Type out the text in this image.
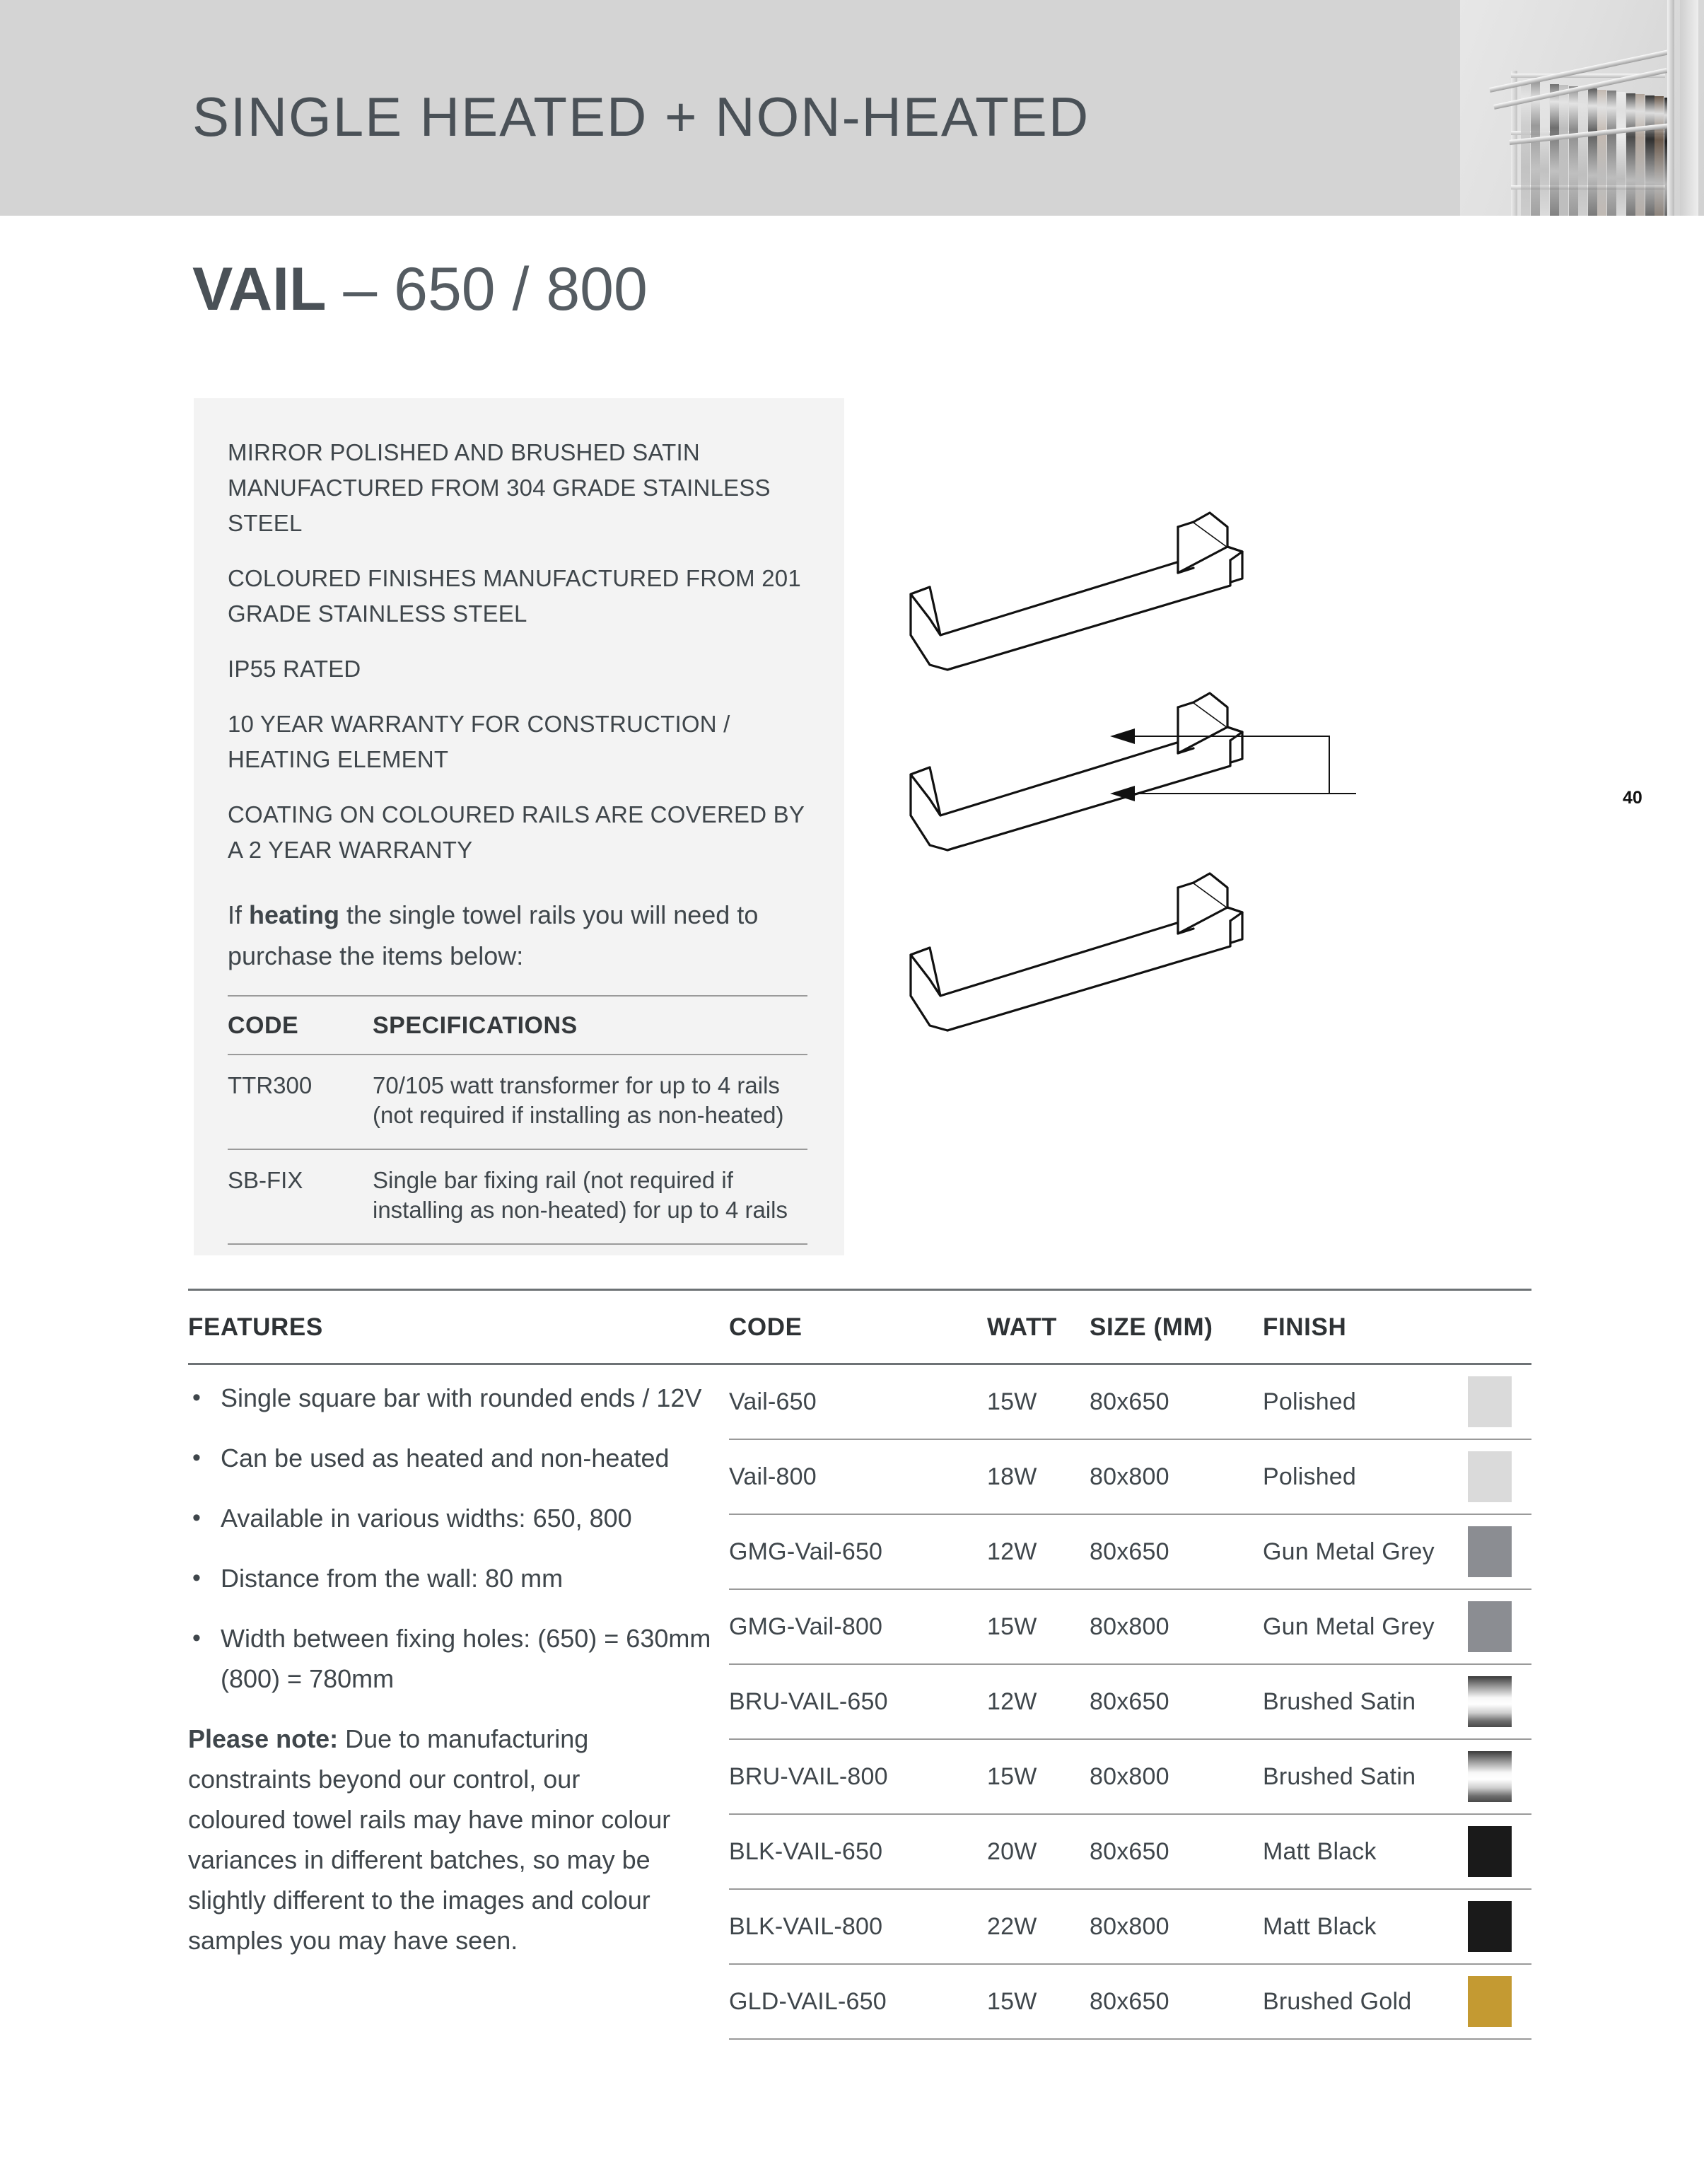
SINGLE HEATED + NON-HEATED
VAIL – 650 / 800
MIRROR POLISHED AND BRUSHED SATIN MANUFACTURED FROM 304 GRADE STAINLESS STEEL
COLOURED FINISHES MANUFACTURED FROM 201 GRADE STAINLESS STEEL
IP55 RATED
10 YEAR WARRANTY FOR CONSTRUCTION / HEATING ELEMENT
COATING ON COLOURED RAILS ARE COVERED BY A 2 YEAR WARRANTY
If heating the single towel rails you will need to purchase the items below:
CODE	SPECIFICATIONS
TTR300	70/105 watt transformer for up to 4 rails (not required if installing as non-heated)
SB-FIX	Single bar fixing rail (not required if installing as non-heated) for up to 4 rails
40
FEATURES	CODE	WATT	SIZE (MM)	FINISH
• Single square bar with rounded ends / 12V
• Can be used as heated and non-heated
• Available in various widths: 650, 800
• Distance from the wall: 80 mm
• Width between fixing holes: (650) = 630mm (800) = 780mm
Please note: Due to manufacturing constraints beyond our control, our coloured towel rails may have minor colour variances in different batches, so may be slightly different to the images and colour samples you may have seen.
Vail-650	15W	80x650	Polished
Vail-800	18W	80x800	Polished
GMG-Vail-650	12W	80x650	Gun Metal Grey
GMG-Vail-800	15W	80x800	Gun Metal Grey
BRU-VAIL-650	12W	80x650	Brushed Satin
BRU-VAIL-800	15W	80x800	Brushed Satin
BLK-VAIL-650	20W	80x650	Matt Black
BLK-VAIL-800	22W	80x800	Matt Black
GLD-VAIL-650	15W	80x650	Brushed Gold
